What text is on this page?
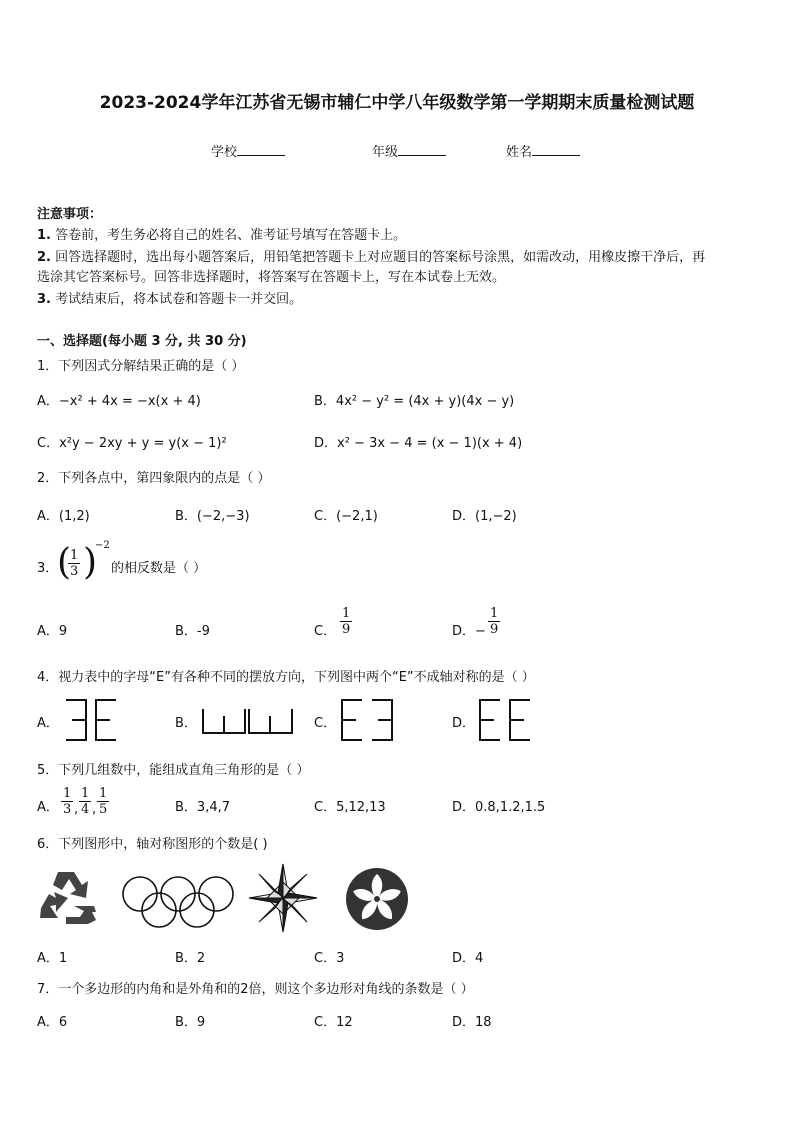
2023-2024学年江苏省无锡市辅仁中学八年级数学第一学期期末质量检测试题
学校	年级	姓名
注意事项：
1. 答卷前，考生务必将自己的姓名、准考证号填写在答题卡上。
2. 回答选择题时，选出每小题答案后，用铅笔把答题卡上对应题目的答案标号涂黑，如需改动，用橡皮擦干净后，再
选涂其它答案标号。回答非选择题时，将答案写在答题卡上，写在本试卷上无效。
3. 考试结束后，将本试卷和答题卡一并交回。
一、选择题(每小题 3 分, 共 30 分)
1．下列因式分解结果正确的是（ ）
A．−x² + 4x = −x(x + 4)	B．4x² − y² = (4x + y)(4x − y)
C．x²y − 2xy + y = y(x − 1)²	D．x² − 3x − 4 = (x − 1)(x + 4)
2．下列各点中，第四象限内的点是（ ）
A．(1,2)	B．(−2,−3)	C．(−2,1)	D．(1,−2)
3．
(
$\frac{1}{3}$ )
−2
的相反数是（ ）
A．9	B．-9	C． $\frac{1}{9}$	D．− $\frac{1}{9}$
4．视力表中的字母“E”有各种不同的摆放方向，下列图中两个“E”不成轴对称的是（ ）
A．	B．	C．	D．
5．下列几组数中，能组成直角三角形的是（ ）
A． $\frac{1}{3}$ , $\frac{1}{4}$ , $\frac{1}{5}$	B．3,4,7	C．5,12,13	D．0.8,1.2,1.5
6．下列图形中，轴对称图形的个数是( )
A．1	B．2	C．3	D．4
7．一个多边形的内角和是外角和的2倍，则这个多边形对角线的条数是（ ）
A．6	B．9	C．12	D．18
